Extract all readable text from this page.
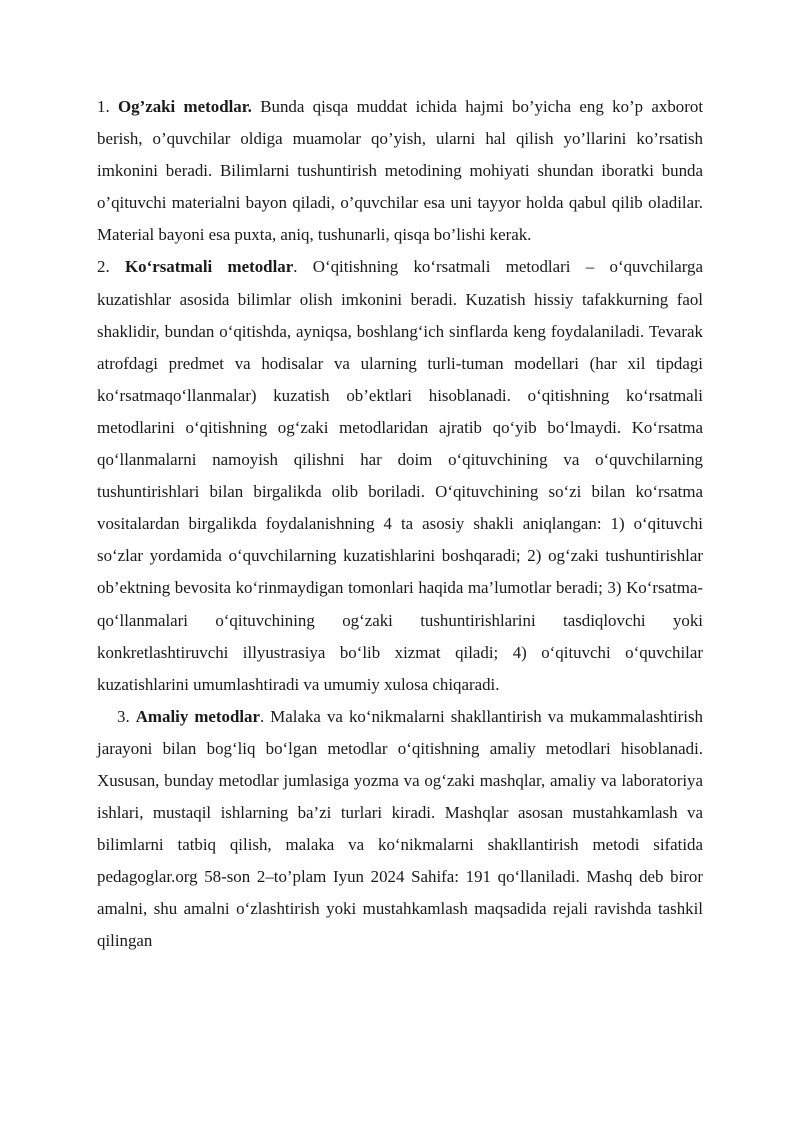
1. Og’zaki metodlar. Bunda qisqa muddat ichida hajmi bo’yicha eng ko’p axborot berish, o’quvchilar oldiga muamolar qo’yish, ularni hal qilish yo’llarini ko’rsatish imkonini beradi. Bilimlarni tushuntirish metodining mohiyati shundan iboratki bunda o’qituvchi materialni bayon qiladi, o’quvchilar esa uni tayyor holda qabul qilib oladilar. Material bayoni esa puxta, aniq, tushunarli, qisqa bo’lishi kerak.

2. Ko‘rsatmali metodlar. O‘qitishning ko‘rsatmali metodlari – o‘quvchilarga kuzatishlar asosida bilimlar olish imkonini beradi. Kuzatish hissiy tafakkurning faol shaklidir, bundan o‘qitishda, ayniqsa, boshlang‘ich sinflarda keng foydalaniladi. Tevarak atrofdagi predmet va hodisalar va ularning turli-tuman modellari (har xil tipdagi ko‘rsatmaqo‘llanmalar) kuzatish ob’ektlari hisoblanadi. o‘qitishning ko‘rsatmali metodlarini o‘qitishning og‘zaki metodlaridan ajratib qo‘yib bo‘lmaydi. Ko‘rsatma qo‘llanmalarni namoyish qilishni har doim o‘qituvchining va o‘quvchilarning tushuntirishlari bilan birgalikda olib boriladi. O‘qituvchining so‘zi bilan ko‘rsatma vositalardan birgalikda foydalanishning 4 ta asosiy shakli aniqlangan: 1) o‘qituvchi so‘zlar yordamida o‘quvchilarning kuzatishlarini boshqaradi; 2) og‘zaki tushuntirishlar ob’ektning bevosita ko‘rinmaydigan tomonlari haqida ma’lumotlar beradi; 3) Ko‘rsatma-qo‘llanmalari o‘qituvchining og‘zaki tushuntirishlarini tasdiqlovchi yoki konkretlashtiruvchi illyustrasiya bo‘lib xizmat qiladi; 4) o‘qituvchi o‘quvchilar kuzatishlarini umumlashtiradi va umumiy xulosa chiqaradi.

3. Amaliy metodlar. Malaka va ko‘nikmalarni shakllantirish va mukammalashtirish jarayoni bilan bog‘liq bo‘lgan metodlar o‘qitishning amaliy metodlari hisoblanadi. Xususan, bunday metodlar jumlasiga yozma va og‘zaki mashqlar, amaliy va laboratoriya ishlari, mustaqil ishlarning ba’zi turlari kiradi. Mashqlar asosan mustahkamlash va bilimlarni tatbiq qilish, malaka va ko‘nikmalarni shakllantirish metodi sifatida pedagoglar.org 58-son 2–to’plam Iyun 2024 Sahifa: 191 qo‘llaniladi. Mashq deb biror amalni, shu amalni o‘zlashtirish yoki mustahkamlash maqsadida rejali ravishda tashkil qilingan
